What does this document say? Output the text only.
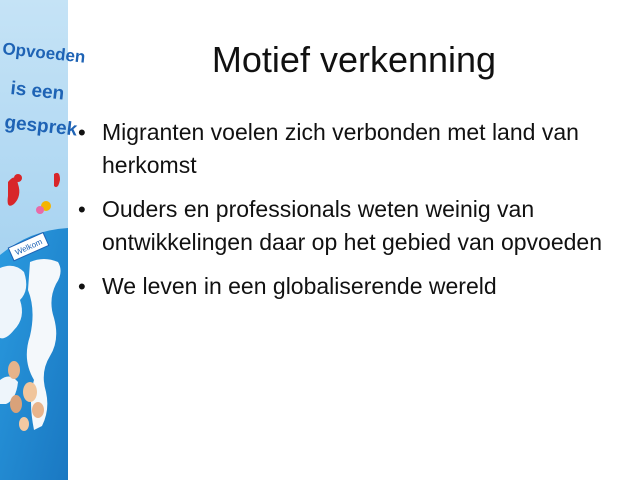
Welkom
Opvoeden
is een
gesprek
Motief verkenning
• Migranten voelen zich verbonden met land van herkomst
• Ouders en professionals weten weinig van ontwikkelingen daar op het gebied van opvoeden
• We leven in een globaliserende wereld
